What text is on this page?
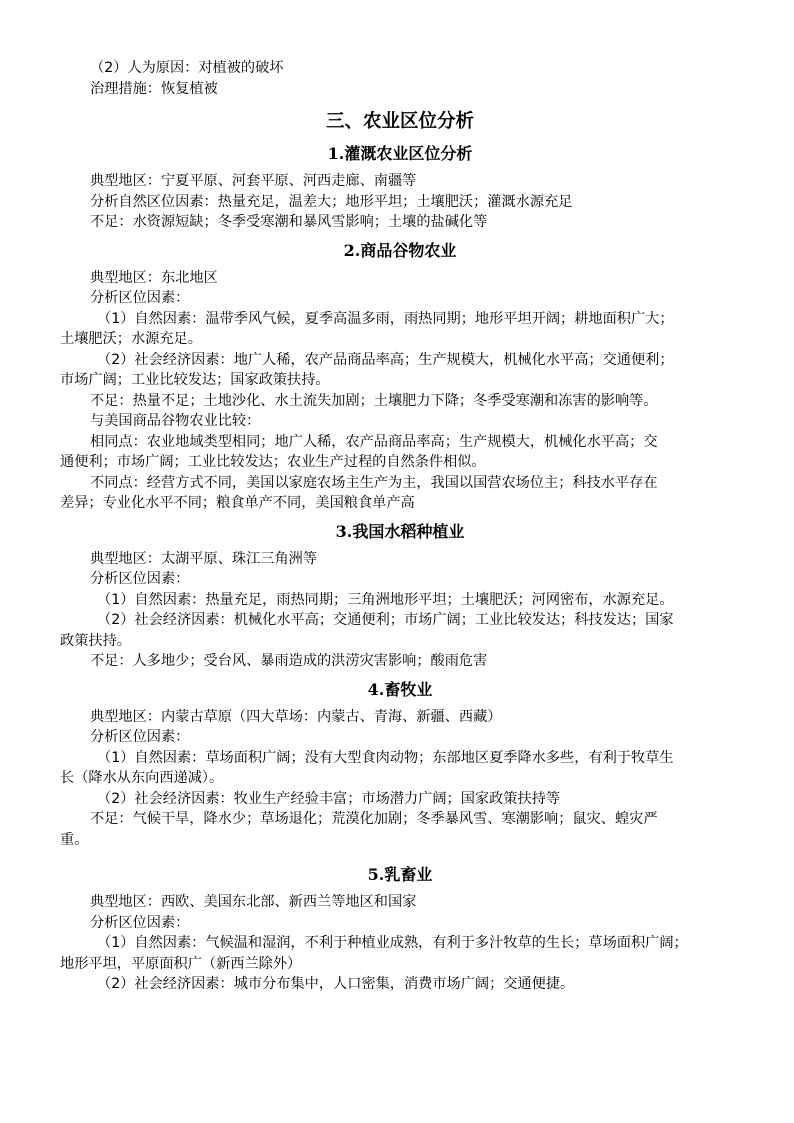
（2）人为原因：对植被的破坏
治理措施：恢复植被
三、农业区位分析
1.灌溉农业区位分析
典型地区：宁夏平原、河套平原、河西走廊、南疆等
分析自然区位因素：热量充足，温差大；地形平坦；土壤肥沃；灌溉水源充足
不足：水资源短缺；冬季受寒潮和暴风雪影响；土壤的盐碱化等
2.商品谷物农业
典型地区：东北地区
分析区位因素：
（1）自然因素：温带季风气候，夏季高温多雨，雨热同期；地形平坦开阔；耕地面积广大；
土壤肥沃；水源充足。
（2）社会经济因素：地广人稀，农产品商品率高；生产规模大，机械化水平高；交通便利；
市场广阔；工业比较发达；国家政策扶持。
不足：热量不足；土地沙化、水土流失加剧；土壤肥力下降；冬季受寒潮和冻害的影响等。
与美国商品谷物农业比较：
相同点：农业地域类型相同；地广人稀，农产品商品率高；生产规模大，机械化水平高；交
通便利；市场广阔；工业比较发达；农业生产过程的自然条件相似。
不同点：经营方式不同，美国以家庭农场主生产为主，我国以国营农场位主；科技水平存在
差异；专业化水平不同；粮食单产不同，美国粮食单产高
3.我国水稻种植业
典型地区：太湖平原、珠江三角洲等
分析区位因素：
（1）自然因素：热量充足，雨热同期；三角洲地形平坦；土壤肥沃；河网密布，水源充足。
（2）社会经济因素：机械化水平高；交通便利；市场广阔；工业比较发达；科技发达；国家
政策扶持。
不足：人多地少；受台风、暴雨造成的洪涝灾害影响；酸雨危害
4.畜牧业
典型地区：内蒙古草原（四大草场：内蒙古、青海、新疆、西藏）
分析区位因素：
（1）自然因素：草场面积广阔；没有大型食肉动物；东部地区夏季降水多些，有利于牧草生
长（降水从东向西递减）。
（2）社会经济因素：牧业生产经验丰富；市场潜力广阔；国家政策扶持等
不足：气候干旱，降水少；草场退化；荒漠化加剧；冬季暴风雪、寒潮影响；鼠灾、蝗灾严
重。
5.乳畜业
典型地区：西欧、美国东北部、新西兰等地区和国家
分析区位因素：
（1）自然因素：气候温和湿润，不利于种植业成熟，有利于多汁牧草的生长；草场面积广阔；
地形平坦，平原面积广（新西兰除外）
（2）社会经济因素：城市分布集中，人口密集，消费市场广阔；交通便捷。
